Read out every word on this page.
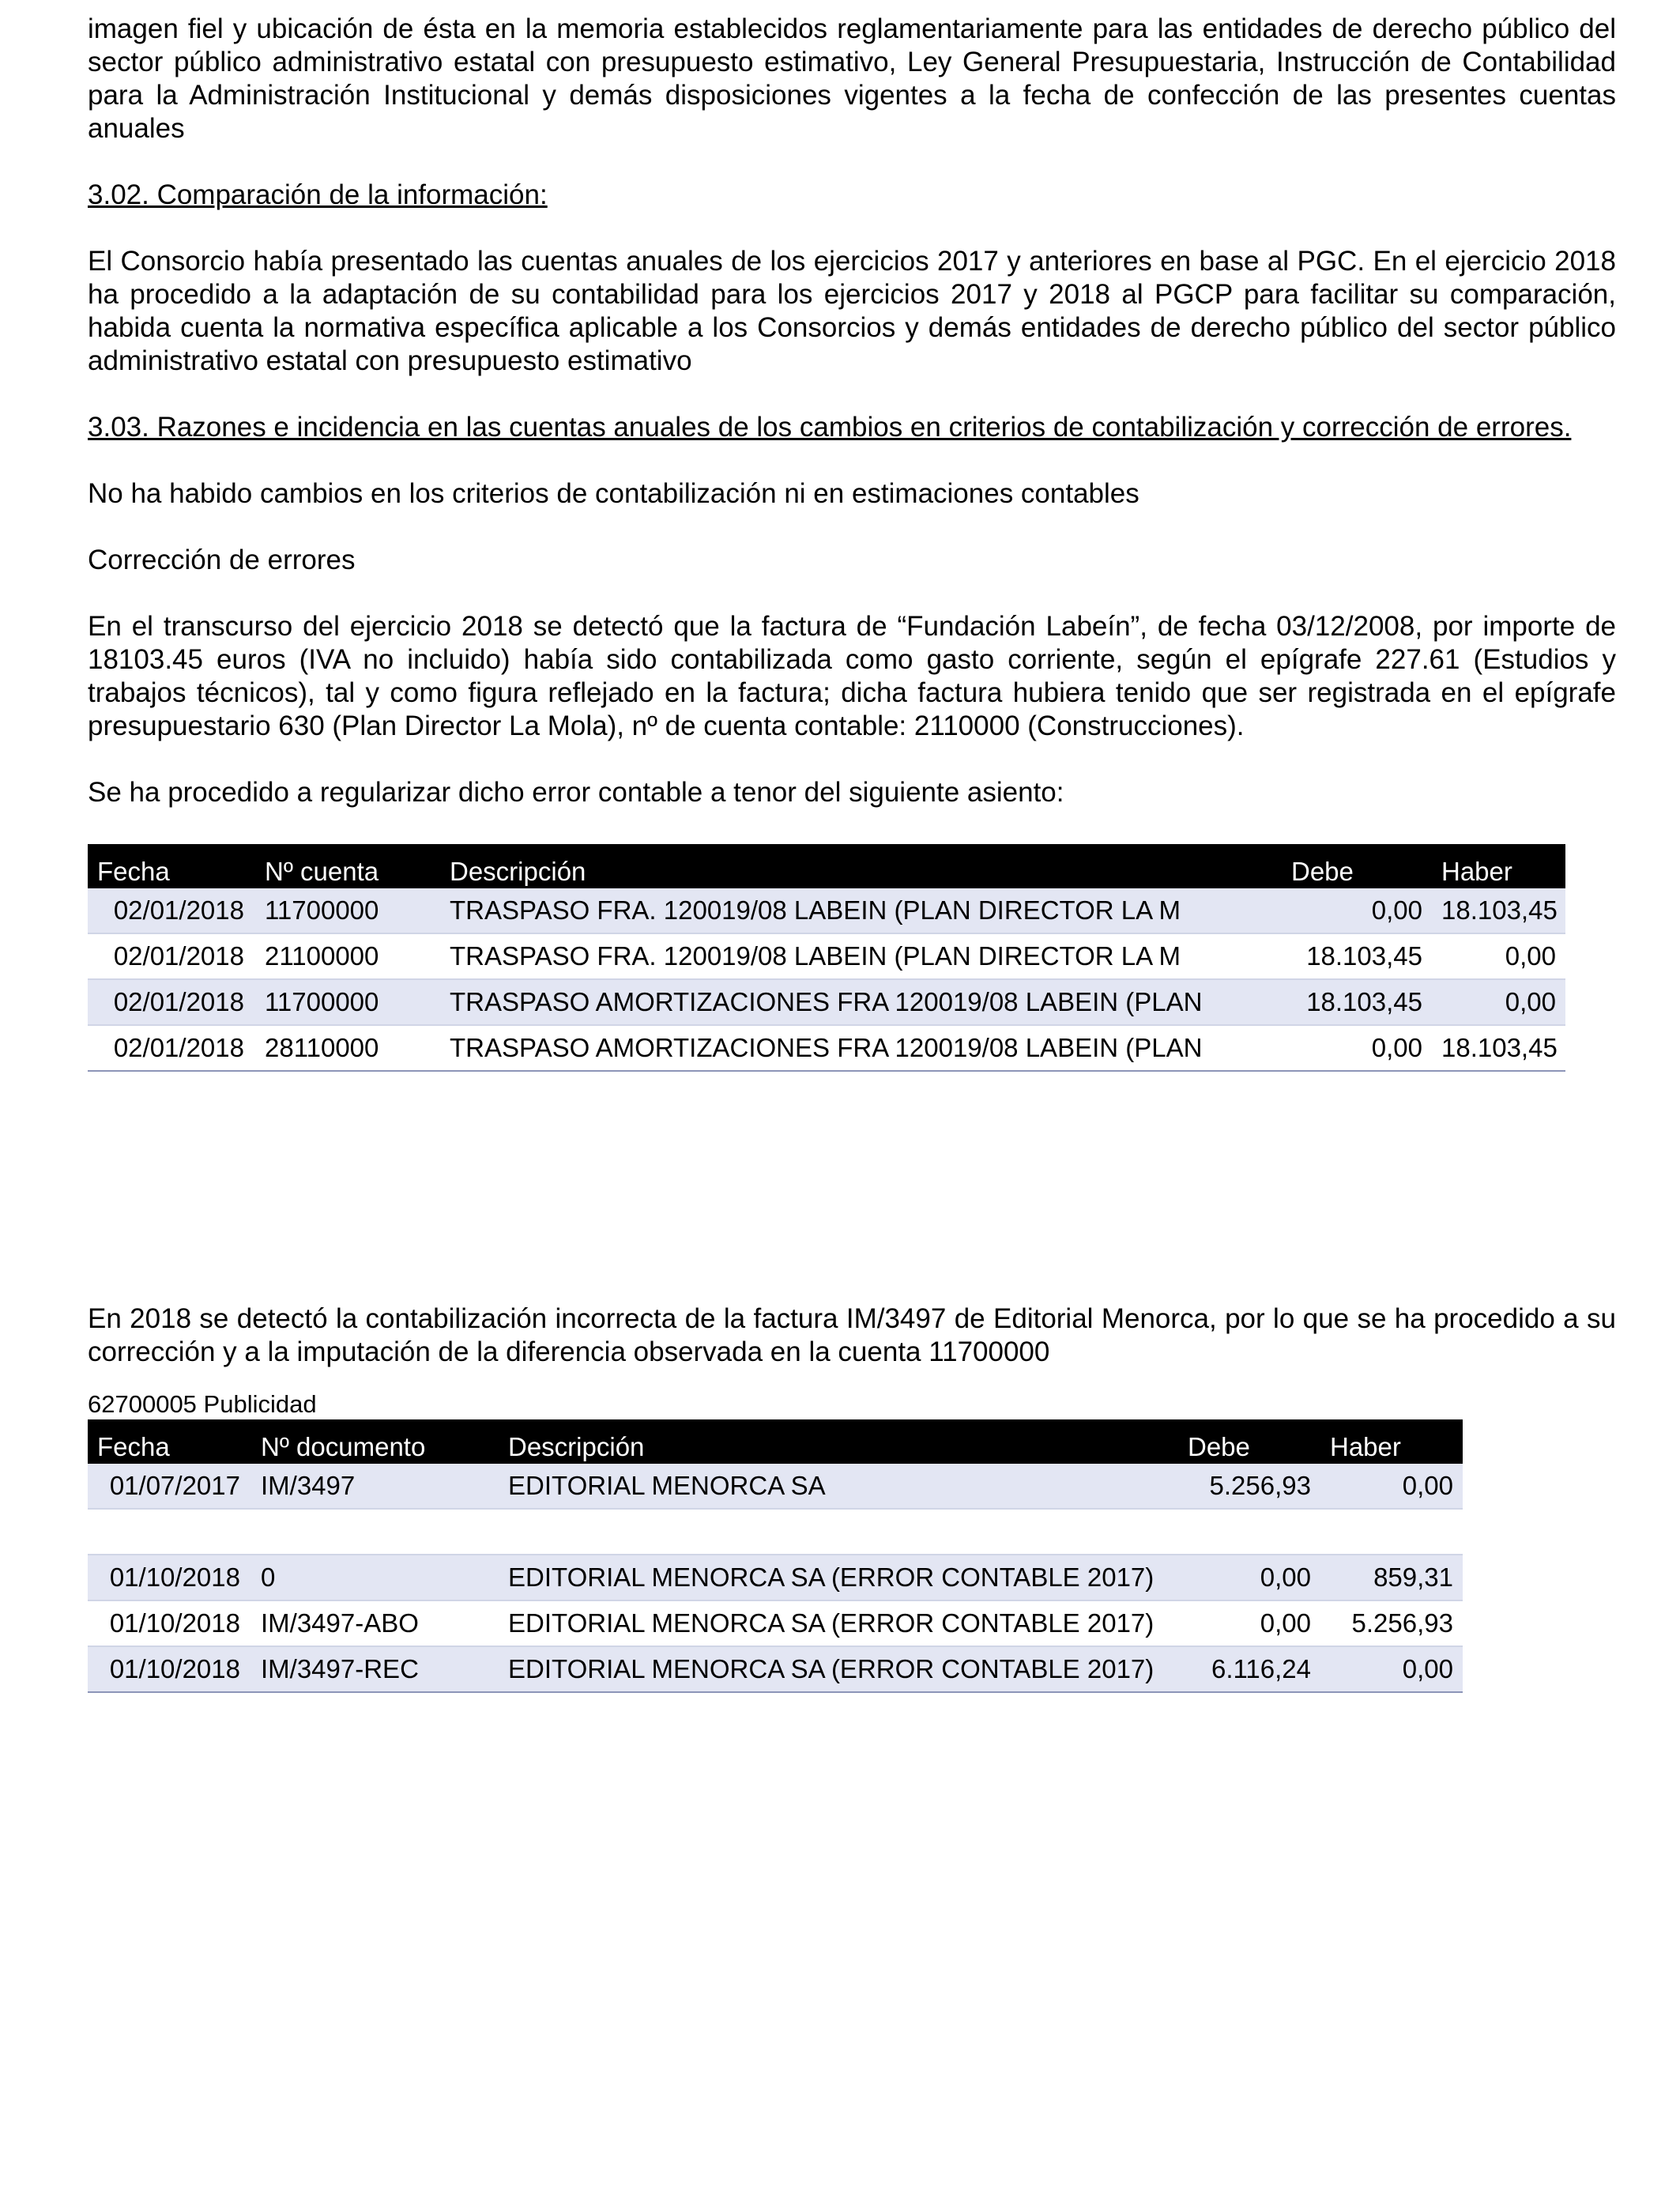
imagen fiel y ubicación de ésta en la memoria establecidos reglamentariamente para las entidades de derecho público del sector público administrativo estatal con presupuesto estimativo, Ley General Presupuestaria, Instrucción de Contabilidad para la Administración Institucional y demás disposiciones vigentes a la fecha de confección de las presentes cuentas anuales

3.02. Comparación de la información:

El Consorcio había presentado las cuentas anuales de los ejercicios 2017 y anteriores en base al PGC. En el ejercicio 2018 ha procedido a la adaptación de su contabilidad para los ejercicios 2017 y 2018 al PGCP para facilitar su comparación, habida cuenta la normativa específica aplicable a los Consorcios y demás entidades de derecho público del sector público administrativo estatal con presupuesto estimativo

3.03. Razones e incidencia en las cuentas anuales de los cambios en criterios de contabilización y corrección de errores.

No ha habido cambios en los criterios de contabilización ni en estimaciones contables

Corrección de errores

En el transcurso del ejercicio 2018 se detectó que la factura de “Fundación Labeín”, de fecha 03/12/2008, por importe de 18103.45 euros (IVA no incluido) había sido contabilizada como gasto corriente, según el epígrafe 227.61 (Estudios y trabajos técnicos), tal y como figura reflejado en la factura; dicha factura hubiera tenido que ser registrada en el epígrafe presupuestario 630 (Plan Director La Mola), nº de cuenta contable: 2110000 (Construcciones).

Se ha procedido a regularizar dicho error contable a tenor del siguiente asiento:

Fecha	Nº cuenta	Descripción	Debe	Haber
02/01/2018	11700000	TRASPASO FRA. 120019/08 LABEIN (PLAN DIRECTOR LA M	0,00	18.103,45
02/01/2018	21100000	TRASPASO FRA. 120019/08 LABEIN (PLAN DIRECTOR LA M	18.103,45	0,00
02/01/2018	11700000	TRASPASO AMORTIZACIONES FRA 120019/08 LABEIN (PLAN	18.103,45	0,00
02/01/2018	28110000	TRASPASO AMORTIZACIONES FRA 120019/08 LABEIN (PLAN	0,00	18.103,45

En 2018 se detectó la contabilización incorrecta de la factura IM/3497 de Editorial Menorca, por lo que se ha procedido a su corrección y a la imputación de la diferencia observada en la cuenta 11700000

62700005 Publicidad

Fecha	Nº documento	Descripción	Debe	Haber
01/07/2017	IM/3497	EDITORIAL MENORCA SA	5.256,93	0,00

01/10/2018	0	EDITORIAL MENORCA SA (ERROR CONTABLE 2017)	0,00	859,31
01/10/2018	IM/3497-ABO	EDITORIAL MENORCA SA (ERROR CONTABLE 2017)	0,00	5.256,93
01/10/2018	IM/3497-REC	EDITORIAL MENORCA SA (ERROR CONTABLE 2017)	6.116,24	0,00
